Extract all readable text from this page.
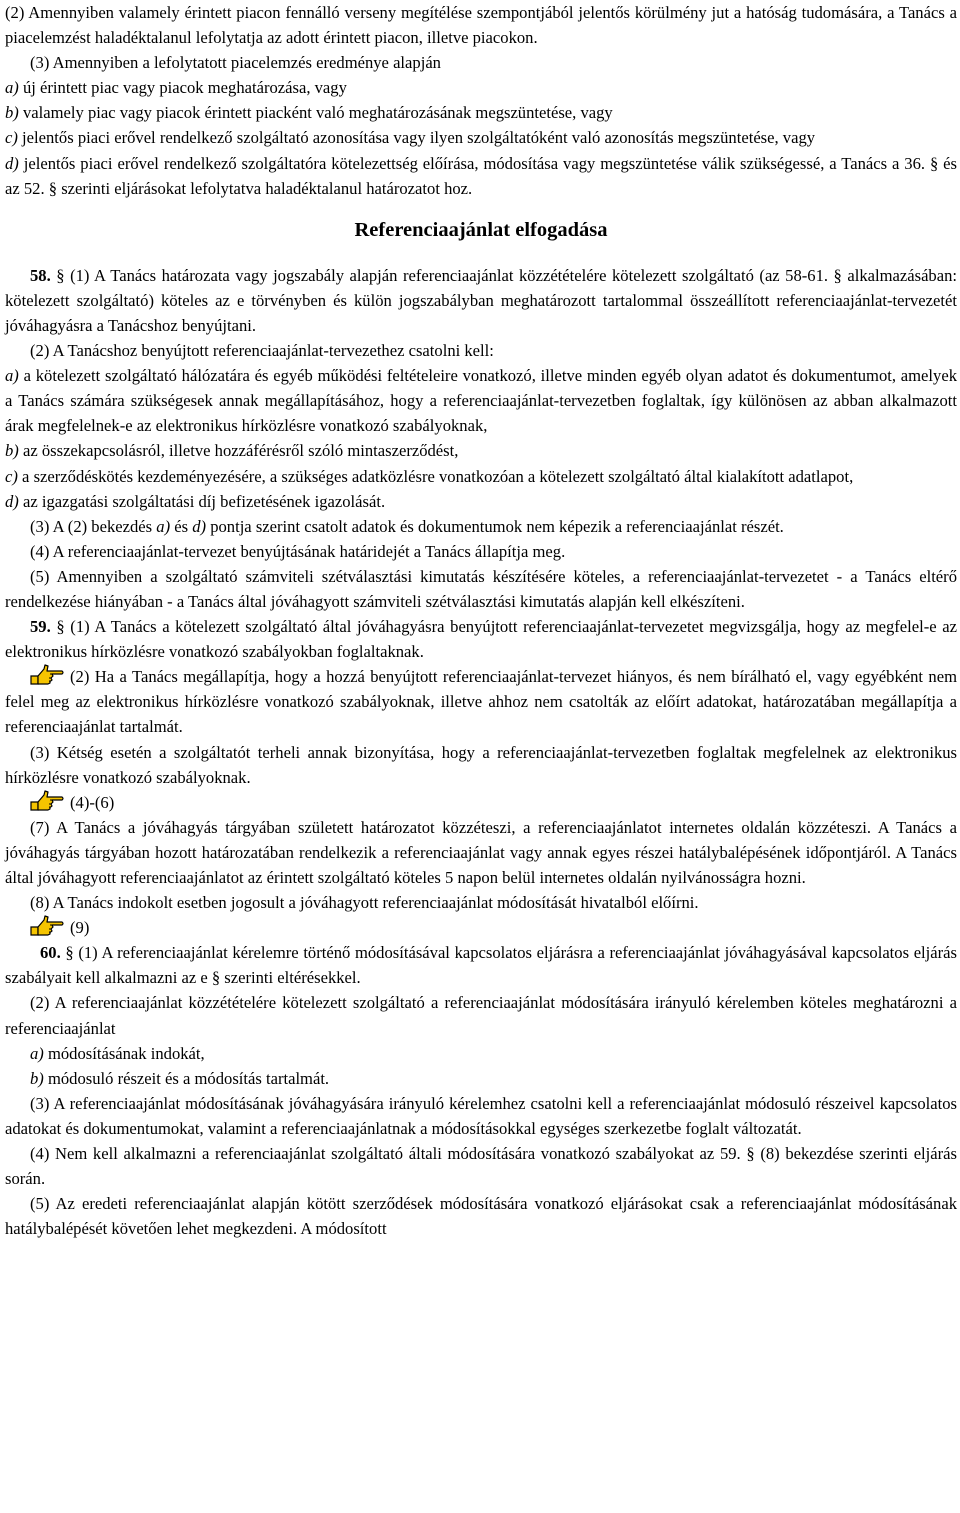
(2) Amennyiben valamely érintett piacon fennálló verseny megítélése szempontjából jelentős körülmény jut a hatóság tudomására, a Tanács a piacelemzést haladéktalanul lefolytatja az adott érintett piacon, illetve piacokon.

(3) Amennyiben a lefolytatott piacelemzés eredménye alapján

a) új érintett piac vagy piacok meghatározása, vagy

b) valamely piac vagy piacok érintett piacként való meghatározásának megszüntetése, vagy

c) jelentős piaci erővel rendelkező szolgáltató azonosítása vagy ilyen szolgáltatóként való azonosítás megszüntetése, vagy

d) jelentős piaci erővel rendelkező szolgáltatóra kötelezettség előírása, módosítása vagy megszüntetése válik szükségessé, a Tanács a 36. § és az 52. § szerinti eljárásokat lefolytatva haladéktalanul határozatot hoz.

Referenciaajánlat elfogadása

58. § (1) A Tanács határozata vagy jogszabály alapján referenciaajánlat közzétételére kötelezett szolgáltató (az 58-61. § alkalmazásában: kötelezett szolgáltató) köteles az e törvényben és külön jogszabályban meghatározott tartalommal összeállított referenciaajánlat-tervezetét jóváhagyásra a Tanácshoz benyújtani.

(2) A Tanácshoz benyújtott referenciaajánlat-tervezethez csatolni kell:

a) a kötelezett szolgáltató hálózatára és egyéb működési feltételeire vonatkozó, illetve minden egyéb olyan adatot és dokumentumot, amelyek a Tanács számára szükségesek annak megállapításához, hogy a referenciaajánlat-tervezetben foglaltak, így különösen az abban alkalmazott árak megfelelnek-e az elektronikus hírközlésre vonatkozó szabályoknak,

b) az összekapcsolásról, illetve hozzáférésről szóló mintaszerződést,

c) a szerződéskötés kezdeményezésére, a szükséges adatközlésre vonatkozóan a kötelezett szolgáltató által kialakított adatlapot,

d) az igazgatási szolgáltatási díj befizetésének igazolását.

(3) A (2) bekezdés a) és d) pontja szerint csatolt adatok és dokumentumok nem képezik a referenciaajánlat részét.

(4) A referenciaajánlat-tervezet benyújtásának határidejét a Tanács állapítja meg.

(5) Amennyiben a szolgáltató számviteli szétválasztási kimutatás készítésére köteles, a referenciaajánlat-tervezetet - a Tanács eltérő rendelkezése hiányában - a Tanács által jóváhagyott számviteli szétválasztási kimutatás alapján kell elkészíteni.

59. § (1) A Tanács a kötelezett szolgáltató által jóváhagyásra benyújtott referenciaajánlat-tervezetet megvizsgálja, hogy az megfelel-e az elektronikus hírközlésre vonatkozó szabályokban foglaltaknak.

(2) Ha a Tanács megállapítja, hogy a hozzá benyújtott referenciaajánlat-tervezet hiányos, és nem bírálható el, vagy egyébként nem felel meg az elektronikus hírközlésre vonatkozó szabályoknak, illetve ahhoz nem csatolták az előírt adatokat, határozatában megállapítja a referenciaajánlat tartalmát.

(3) Kétség esetén a szolgáltatót terheli annak bizonyítása, hogy a referenciaajánlat-tervezetben foglaltak megfelelnek az elektronikus hírközlésre vonatkozó szabályoknak.

(4)-(6)

(7) A Tanács a jóváhagyás tárgyában született határozatot közzéteszi, a referenciaajánlatot internetes oldalán közzéteszi. A Tanács a jóváhagyás tárgyában hozott határozatában rendelkezik a referenciaajánlat vagy annak egyes részei hatálybalépésének időpontjáról. A Tanács által jóváhagyott referenciaajánlatot az érintett szolgáltató köteles 5 napon belül internetes oldalán nyilvánosságra hozni.

(8) A Tanács indokolt esetben jogosult a jóváhagyott referenciaajánlat módosítását hivatalból előírni.

(9)

60. § (1) A referenciaajánlat kérelemre történő módosításával kapcsolatos eljárásra a referenciaajánlat jóváhagyásával kapcsolatos eljárás szabályait kell alkalmazni az e § szerinti eltérésekkel.

(2) A referenciaajánlat közzétételére kötelezett szolgáltató a referenciaajánlat módosítására irányuló kérelemben köteles meghatározni a referenciaajánlat

a) módosításának indokát,

b) módosuló részeit és a módosítás tartalmát.

(3) A referenciaajánlat módosításának jóváhagyására irányuló kérelemhez csatolni kell a referenciaajánlat módosuló részeivel kapcsolatos adatokat és dokumentumokat, valamint a referenciaajánlatnak a módosításokkal egységes szerkezetbe foglalt változatát.

(4) Nem kell alkalmazni a referenciaajánlat szolgáltató általi módosítására vonatkozó szabályokat az 59. § (8) bekezdése szerinti eljárás során.

(5) Az eredeti referenciaajánlat alapján kötött szerződések módosítására vonatkozó eljárásokat csak a referenciaajánlat módosításának hatálybalépését követően lehet megkezdeni. A módosított
